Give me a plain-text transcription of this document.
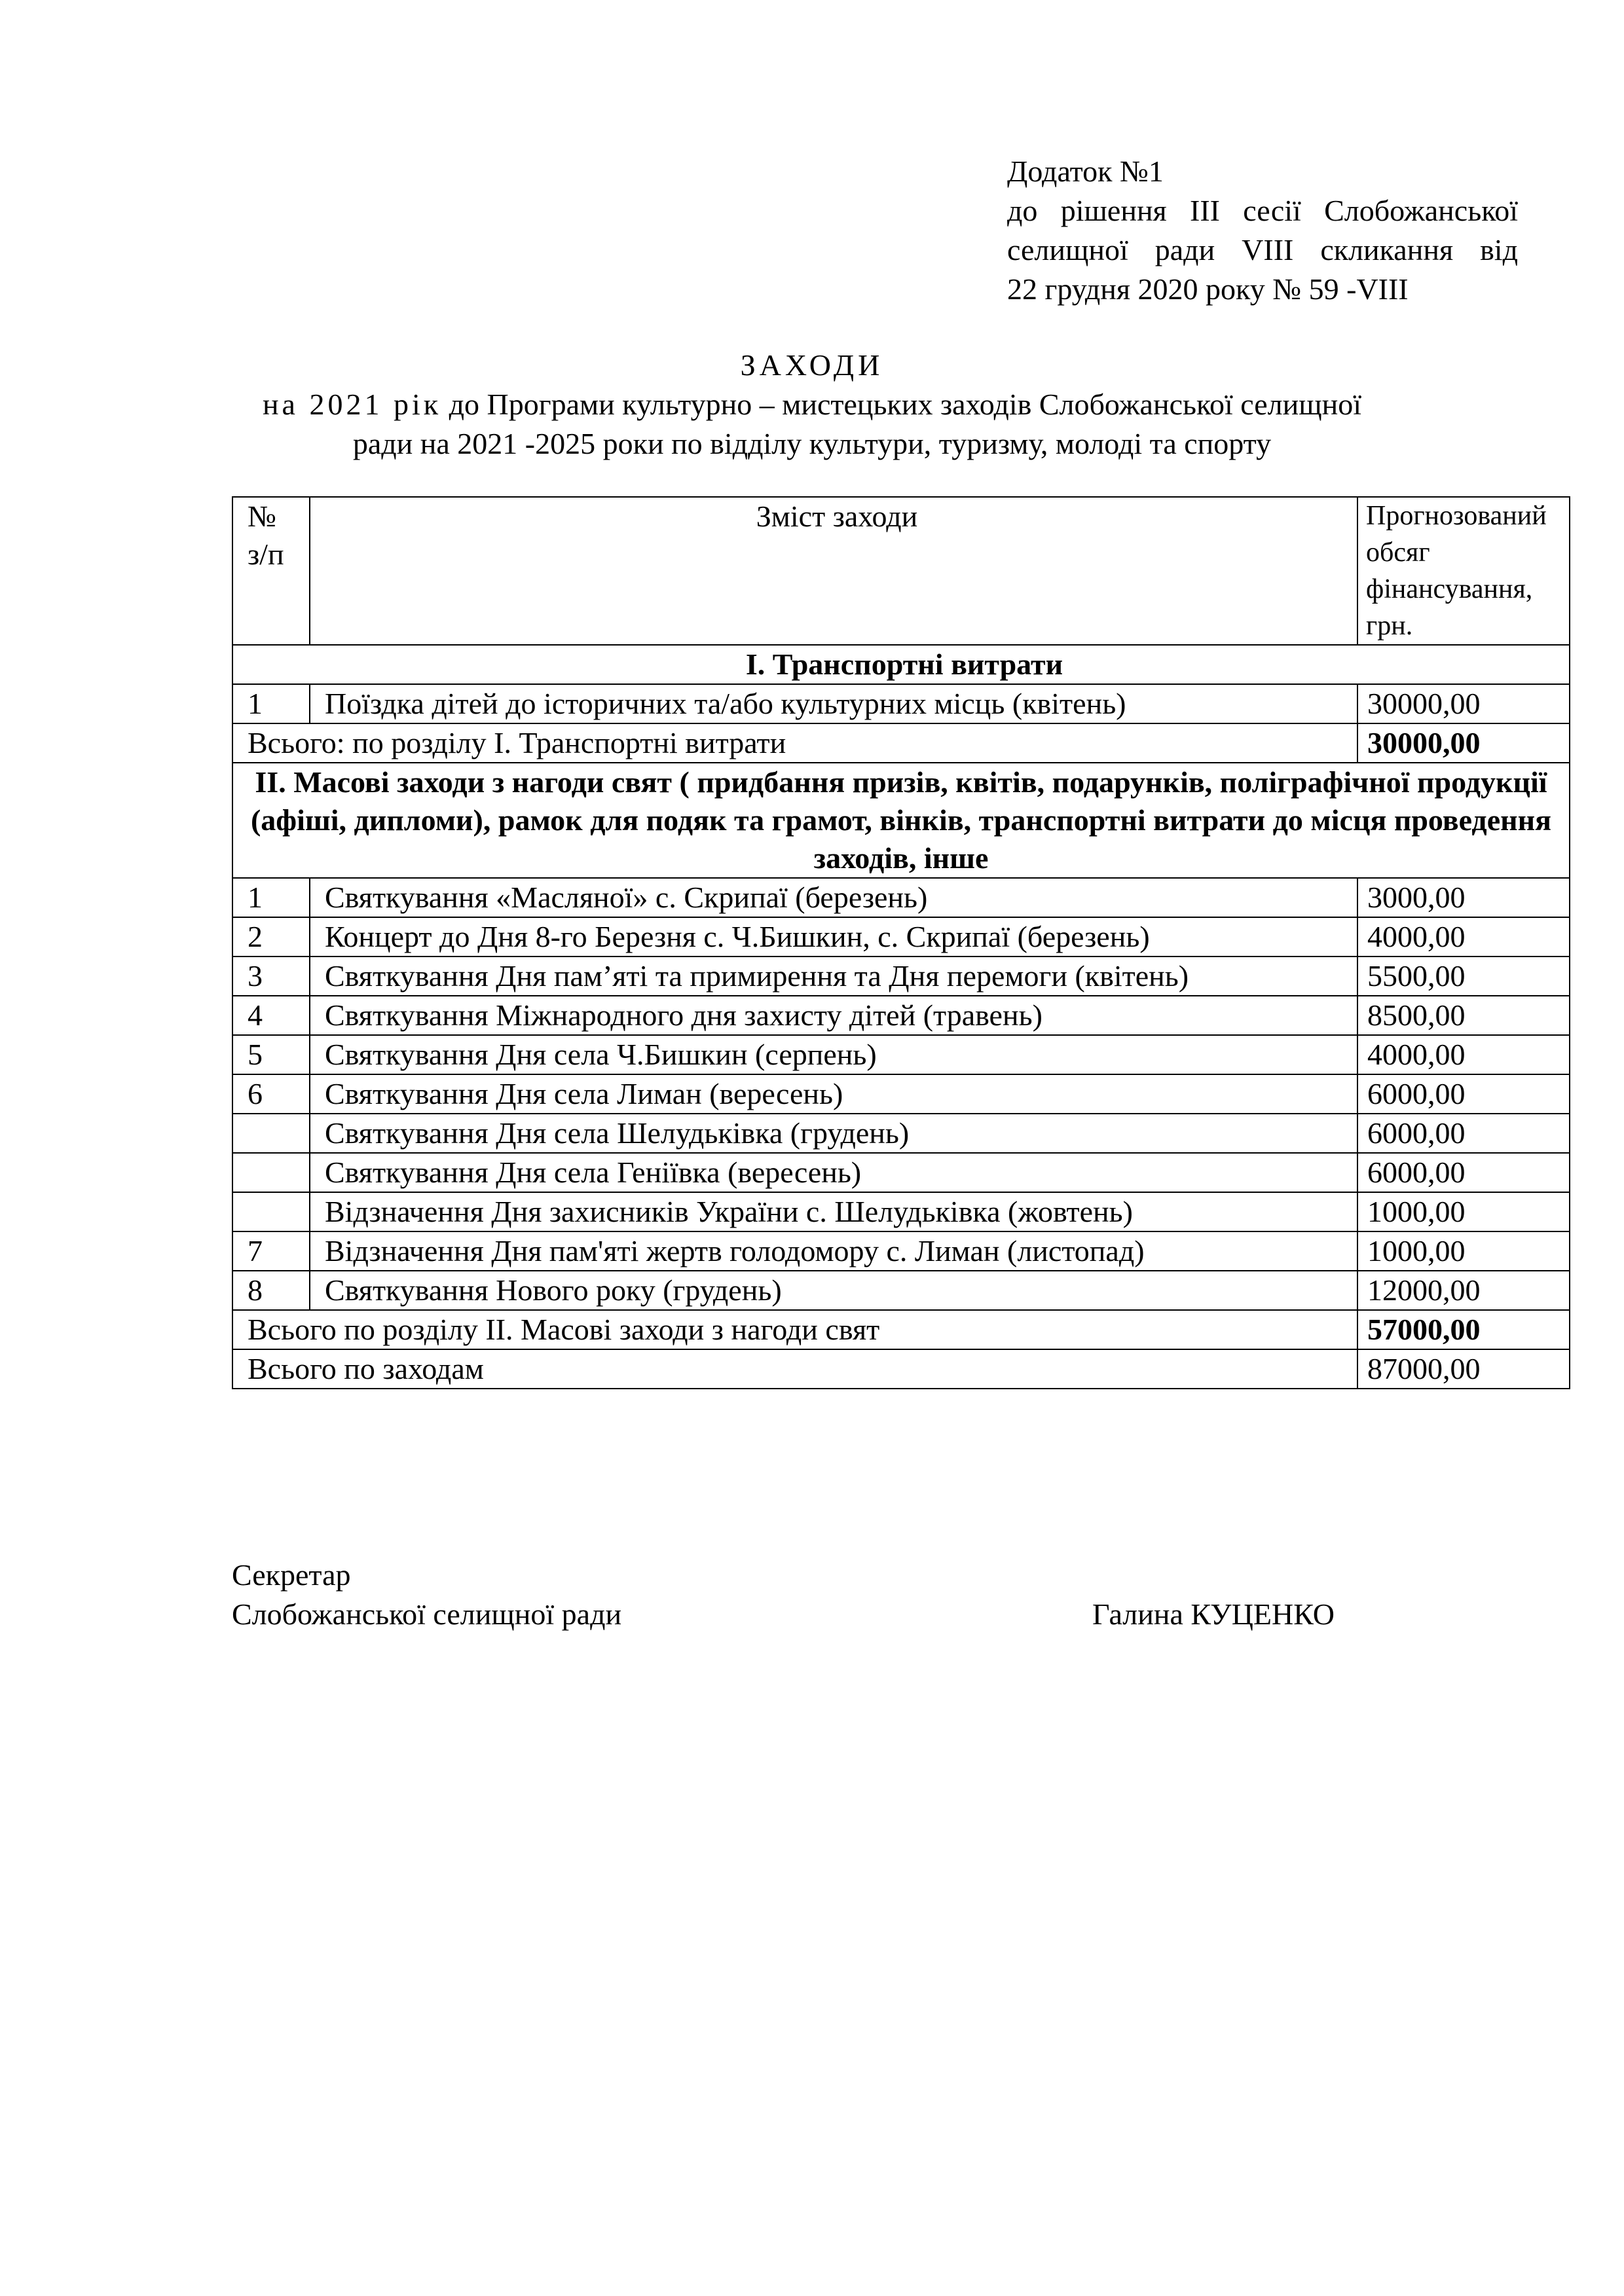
Додаток №1
до рішення ІІІ сесії Слобожанської
селищної ради VIІІ скликання від
22 грудня 2020 року № 59 -VIІІ
ЗАХОДИ
на 2021 рік до Програми культурно – мистецьких заходів Слобожанської селищної
ради на 2021 -2025 роки по відділу культури, туризму, молоді та спорту
№ з/п	Зміст заходи	Прогнозований обсяг фінансування, грн.
І. Транспортні витрати		
1	Поїздка дітей до історичних та/або культурних місць (квітень)	30000,00
Всього: по розділу І. Транспортні витрати		30000,00
ІІ. Масові заходи з нагоди свят ( придбання призів, квітів, подарунків, поліграфічної продукції (афіші, дипломи), рамок для подяк та грамот, вінків, транспортні витрати до місця проведення заходів, інше		
1	Святкування «Масляної» с. Скрипаї (березень)	3000,00
2	Концерт до Дня 8-го Березня с. Ч.Бишкин, с. Скрипаї (березень)	4000,00
3	Святкування Дня пам’яті та примирення та Дня перемоги (квітень)	5500,00
4	Святкування Міжнародного дня захисту дітей (травень)	8500,00
5	Святкування Дня села Ч.Бишкин (серпень)	4000,00
6	Святкування Дня села Лиман (вересень)	6000,00
	Святкування Дня села Шелудьківка (грудень)	6000,00
	Святкування Дня села Геніївка (вересень)	6000,00
	Відзначення Дня захисників України с. Шелудьківка (жовтень)	1000,00
7	Відзначення Дня пам'яті жертв голодомору с. Лиман (листопад)	1000,00
8	Святкування Нового року (грудень)	12000,00
Всього по розділу ІІ. Масові заходи з нагоди свят		57000,00
Всього по заходам		87000,00
Секретар
Слобожанської селищної ради	Галина КУЦЕНКО
